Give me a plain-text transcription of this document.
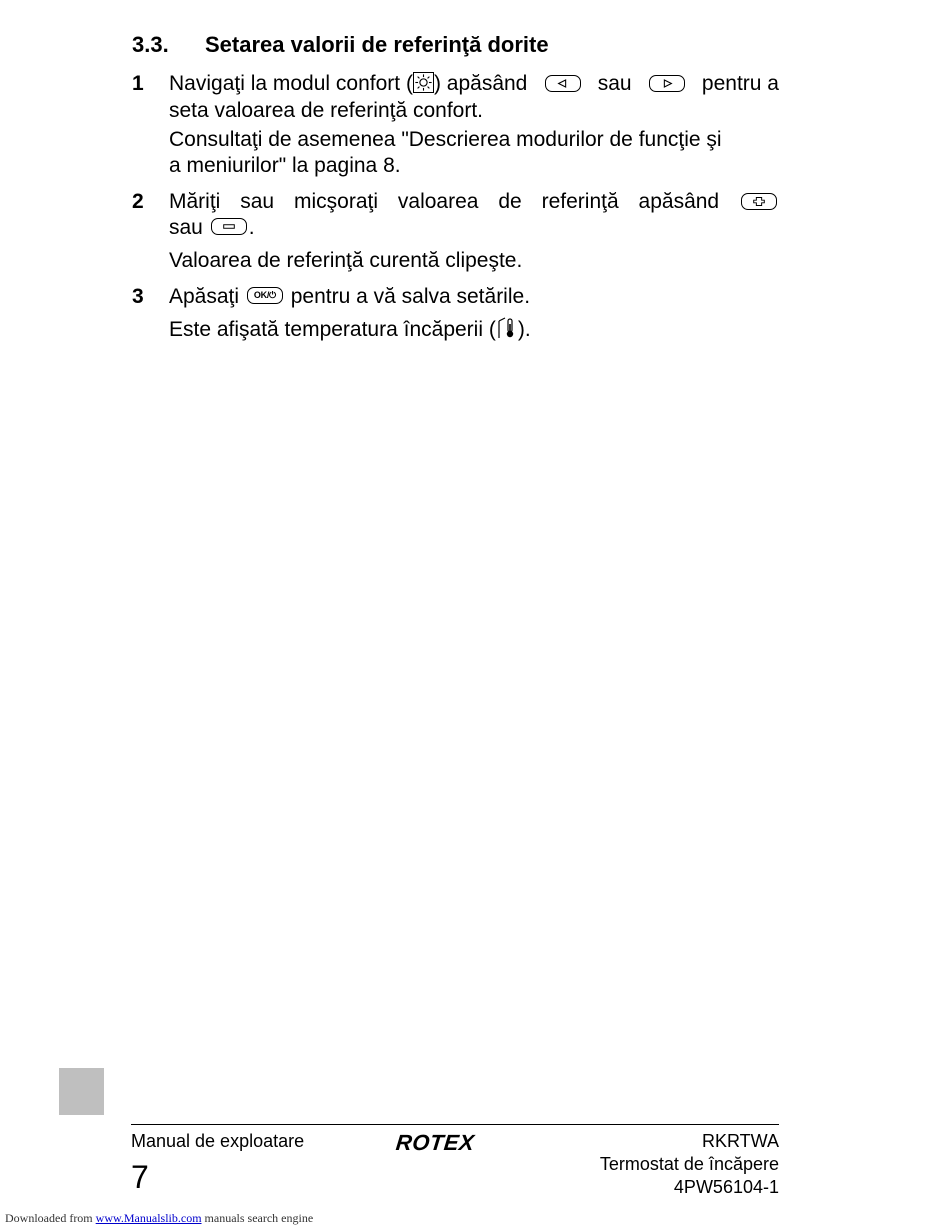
3.3. Setarea valorii de referinţă dorite
1 Navigaţi la modul confort ( ) apăsând	sau	pentru a
seta valoarea de referinţă confort.
Consultaţi de asemenea "Descrierea modurilor de funcţie şi
a meniurilor" la pagina 8.
2 Măriţi sau micşoraţi valoarea de referinţă apăsând
sau .
Valoarea de referinţă curentă clipeşte.
3 Apăsaţi	OK/⏻ pentru a vă salva setările.
Este afişată temperatura încăperii ( ).
Manual de exploatare
7
ROTEX	RKRTWA
Termostat de încăpere
4PW56104-1
Downloaded from www.Manualslib.com manuals search engine
